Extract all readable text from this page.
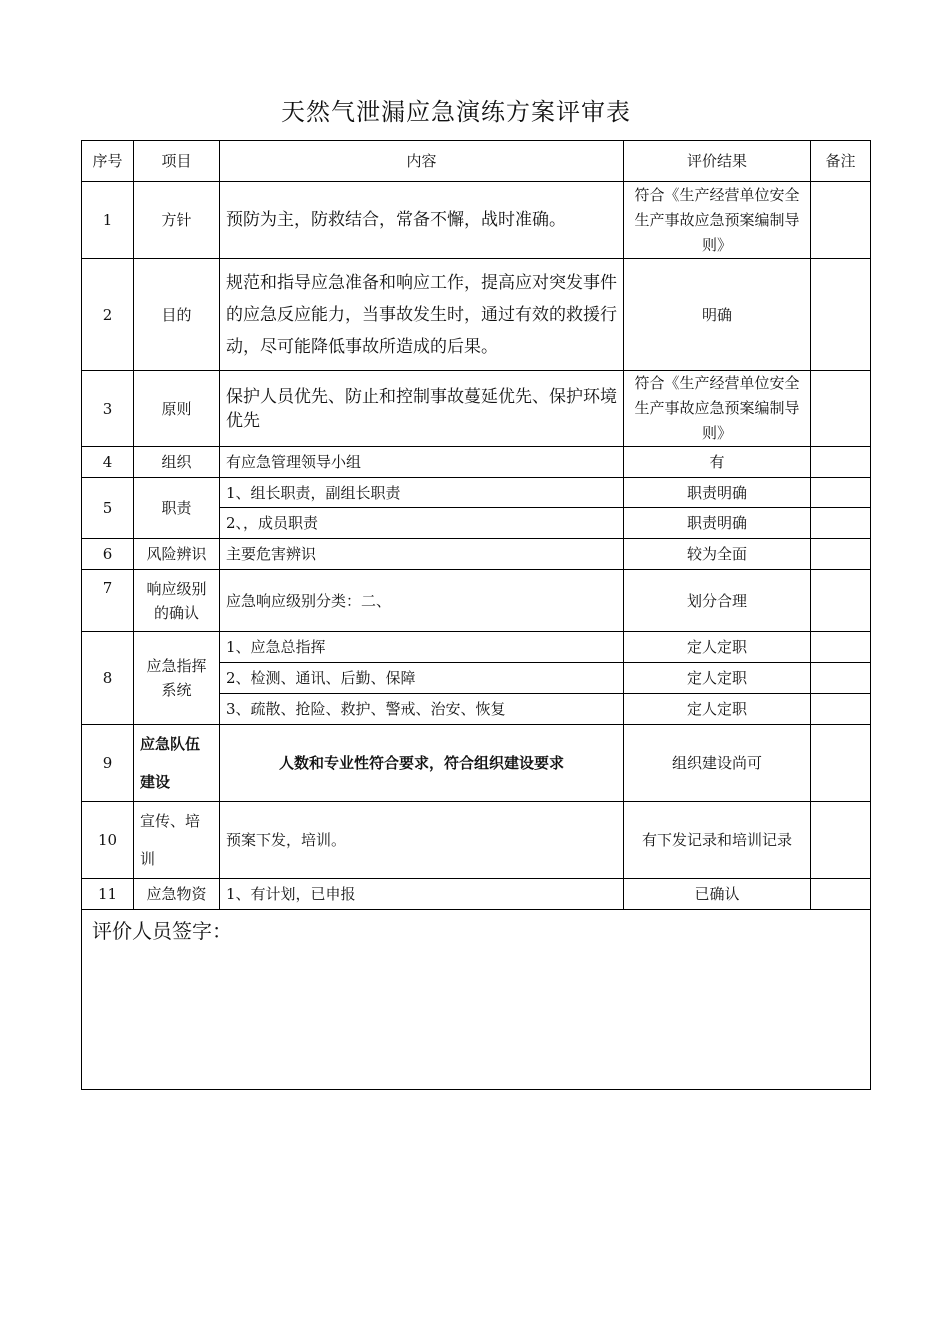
天然气泄漏应急演练方案评审表
序号	项目	内容	评价结果	备注
1	方针	预防为主，防救结合，常备不懈，战时准确。	符合《生产经营单位安全生产事故应急预案编制导则》	
2	目的	规范和指导应急准备和响应工作，提高应对突发事件的应急反应能力，当事故发生时，通过有效的救援行动，尽可能降低事故所造成的后果。	明确	
3	原则	保护人员优先、防止和控制事故蔓延优先、保护环境优先	符合《生产经营单位安全生产事故应急预案编制导则》	
4	组织	有应急管理领导小组	有	
5	职责	1、组长职责，副组长职责	职责明确	
		2、，成员职责	职责明确	
6	风险辨识	主要危害辨识	较为全面	
7	响应级别的确认	应急响应级别分类：二、	划分合理	
8	应急指挥系统	1、应急总指挥	定人定职	
		2、检测、通讯、后勤、保障	定人定职	
		3、疏散、抢险、救护、警戒、治安、恢复	定人定职	
9	应急队伍建设	人数和专业性符合要求，符合组织建设要求	组织建设尚可	
10	宣传、培训	预案下发，培训。	有下发记录和培训记录	
11	应急物资	1、有计划，已申报	已确认	
评价人员签字：				
